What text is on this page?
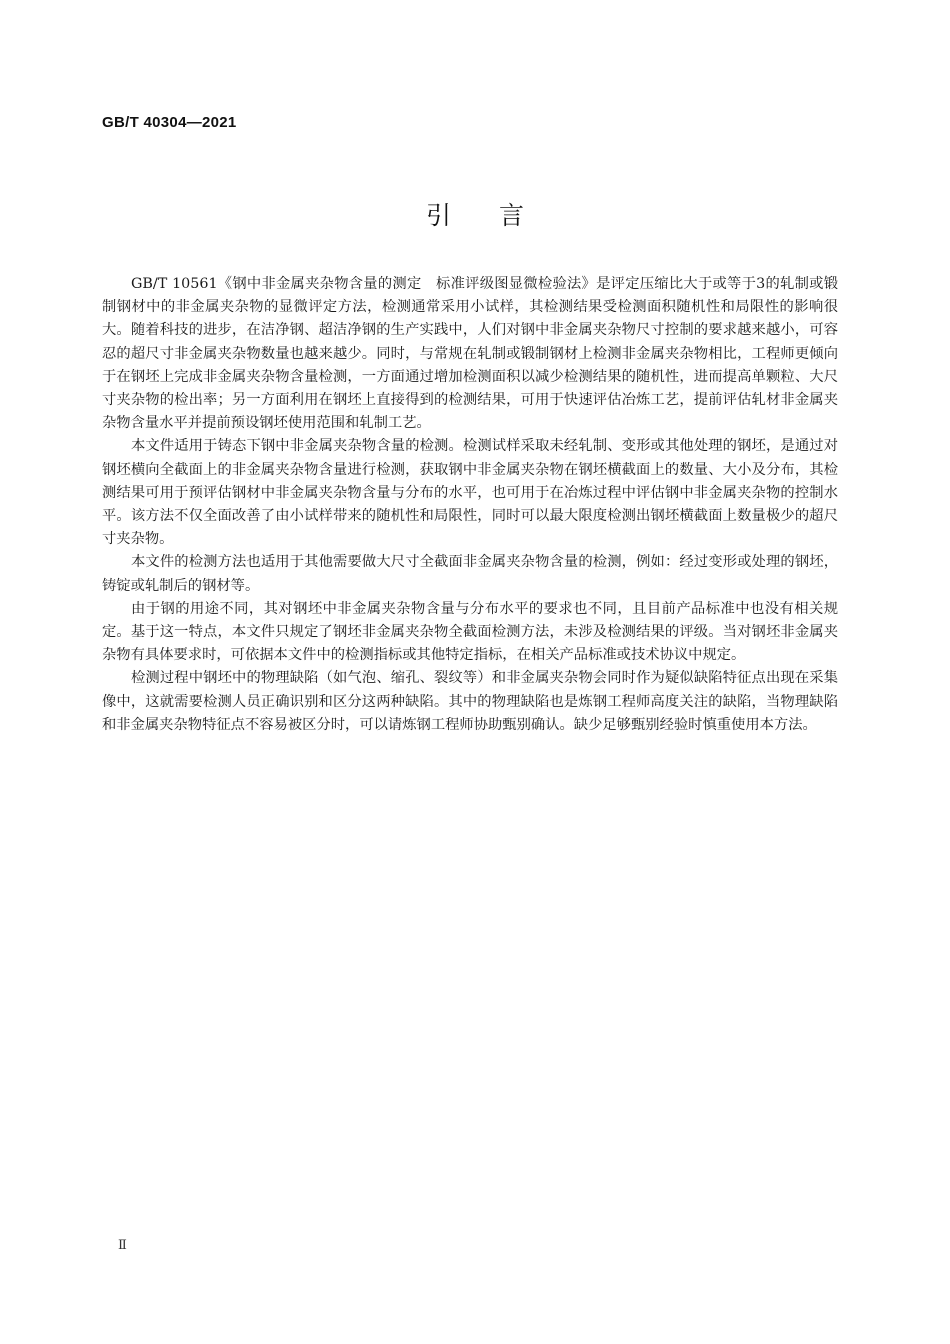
GB/T 40304—2021
引言

GB/T 10561《钢中非金属夹杂物含量的测定　标准评级图显微检验法》是评定压缩比大于或等于3的轧制或锻制钢材中的非金属夹杂物的显微评定方法，检测通常采用小试样，其检测结果受检测面积随机性和局限性的影响很大。随着科技的进步，在洁净钢、超洁净钢的生产实践中，人们对钢中非金属夹杂物尺寸控制的要求越来越小，可容忍的超尺寸非金属夹杂物数量也越来越少。同时，与常规在轧制或锻制钢材上检测非金属夹杂物相比，工程师更倾向于在钢坯上完成非金属夹杂物含量检测，一方面通过增加检测面积以减少检测结果的随机性，进而提高单颗粒、大尺寸夹杂物的检出率；另一方面利用在钢坯上直接得到的检测结果，可用于快速评估冶炼工艺，提前评估轧材非金属夹杂物含量水平并提前预设钢坯使用范围和轧制工艺。

本文件适用于铸态下钢中非金属夹杂物含量的检测。检测试样采取未经轧制、变形或其他处理的钢坯，是通过对钢坯横向全截面上的非金属夹杂物含量进行检测，获取钢中非金属夹杂物在钢坯横截面上的数量、大小及分布，其检测结果可用于预评估钢材中非金属夹杂物含量与分布的水平，也可用于在冶炼过程中评估钢中非金属夹杂物的控制水平。该方法不仅全面改善了由小试样带来的随机性和局限性，同时可以最大限度检测出钢坯横截面上数量极少的超尺寸夹杂物。

本文件的检测方法也适用于其他需要做大尺寸全截面非金属夹杂物含量的检测，例如：经过变形或处理的钢坯，铸锭或轧制后的钢材等。

由于钢的用途不同，其对钢坯中非金属夹杂物含量与分布水平的要求也不同，且目前产品标准中也没有相关规定。基于这一特点，本文件只规定了钢坯非金属夹杂物全截面检测方法，未涉及检测结果的评级。当对钢坯非金属夹杂物有具体要求时，可依据本文件中的检测指标或其他特定指标，在相关产品标准或技术协议中规定。

检测过程中钢坯中的物理缺陷（如气泡、缩孔、裂纹等）和非金属夹杂物会同时作为疑似缺陷特征点出现在采集像中，这就需要检测人员正确识别和区分这两种缺陷。其中的物理缺陷也是炼钢工程师高度关注的缺陷，当物理缺陷和非金属夹杂物特征点不容易被区分时，可以请炼钢工程师协助甄别确认。缺少足够甄别经验时慎重使用本方法。

Ⅱ
